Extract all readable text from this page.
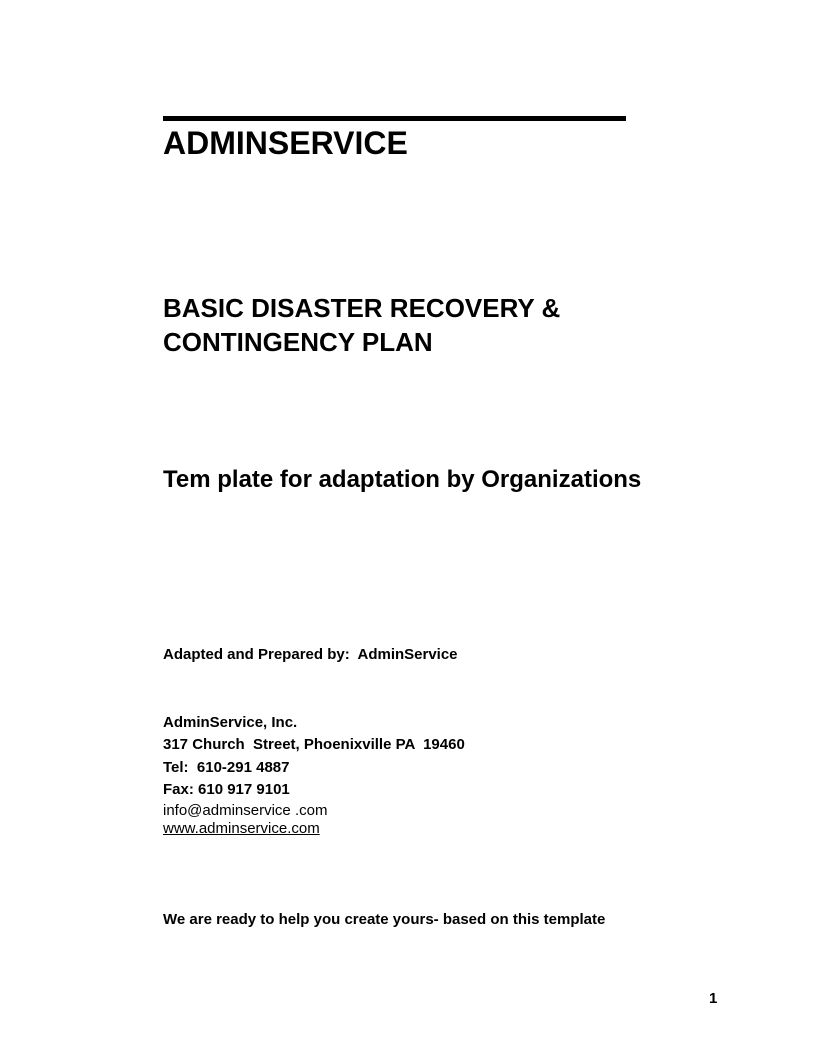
ADMINSERVICE
BASIC DISASTER RECOVERY &
CONTINGENCY PLAN
Tem plate for adaptation by Organizations
Adapted and Prepared by:  AdminService
AdminService, Inc.
317 Church  Street, Phoenixville PA  19460
Tel:  610-291 4887
Fax: 610 917 9101
info@adminservice .com
www.adminservice.com
We are ready to help you create yours- based on this template
1
